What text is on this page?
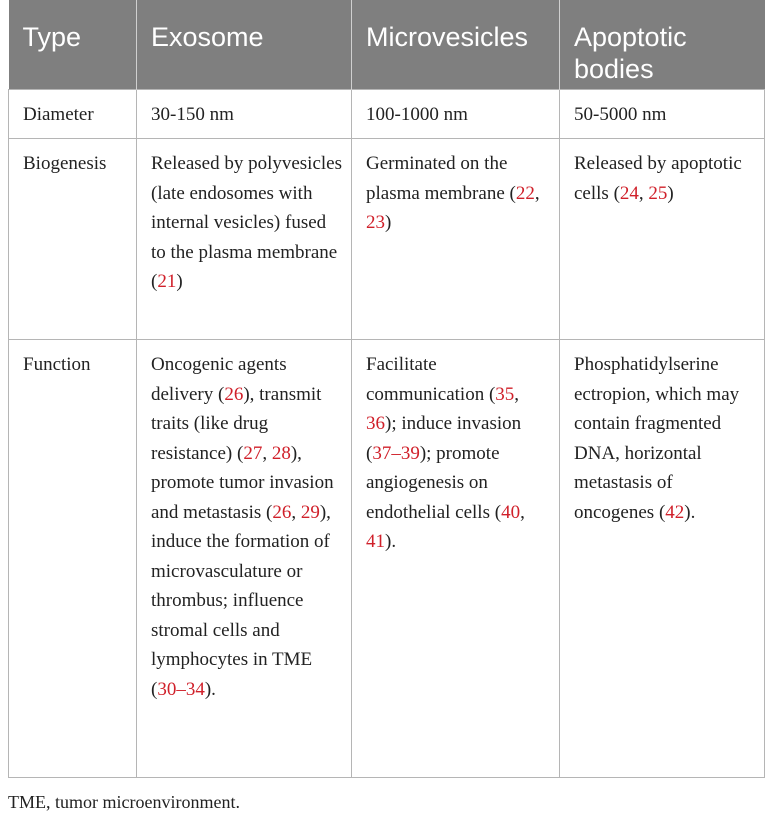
Type	Exosome	Microvesicles	Apoptotic bodies
Diameter	30-150 nm	100-1000 nm	50-5000 nm
Biogenesis	Released by polyvesicles (late endosomes with internal vesicles) fused to the plasma membrane (21)	Germinated on the plasma membrane (22, 23)	Released by apoptotic cells (24, 25)
Function	Oncogenic agents delivery (26), transmit traits (like drug resistance) (27, 28), promote tumor invasion and metastasis (26, 29), induce the formation of microvasculature or thrombus; influence stromal cells and lymphocytes in TME (30–34).	Facilitate communication (35, 36); induce invasion (37–39); promote angiogenesis on endothelial cells (40, 41).	Phosphatidylserine ectropion, which may contain fragmented DNA, horizontal metastasis of oncogenes (42).
TME, tumor microenvironment.
